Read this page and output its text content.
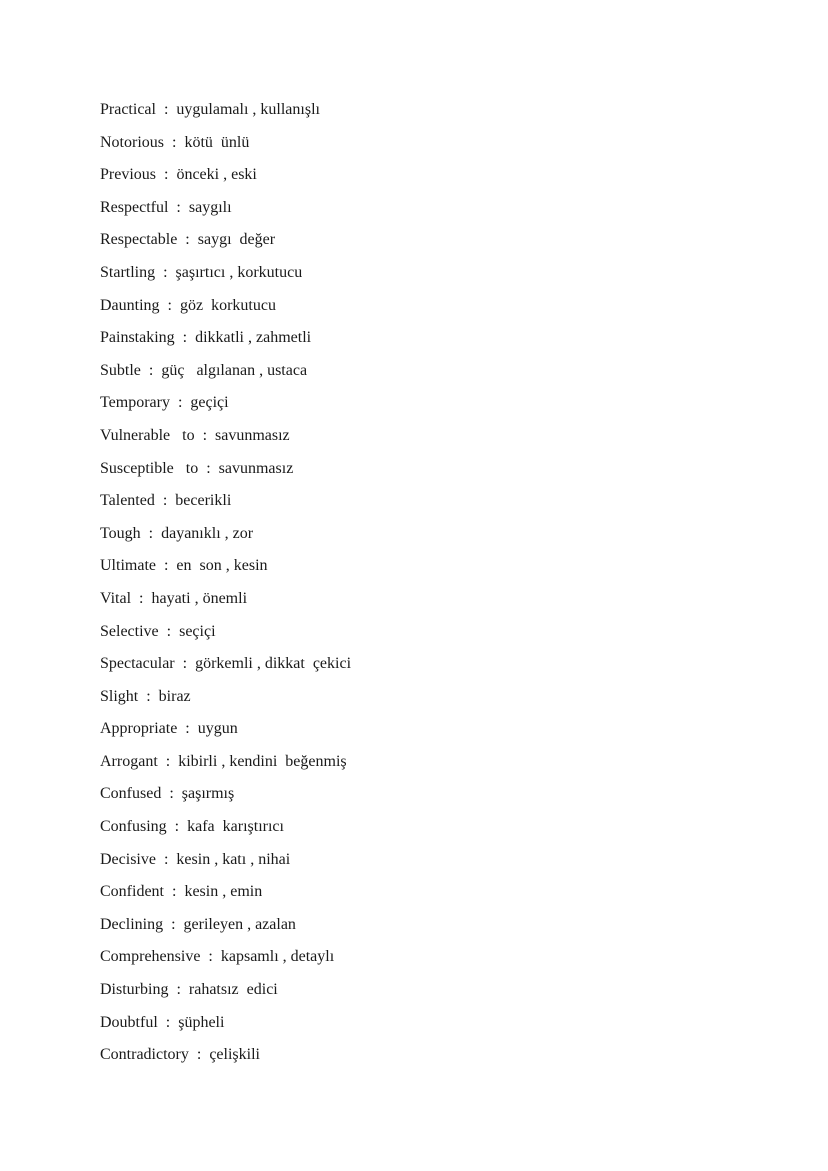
Practical  :  uygulamalı , kullanışlı
Notorious  :  kötü  ünlü
Previous  :  önceki , eski
Respectful  :  saygılı
Respectable  :  saygı  değer
Startling  :  şaşırtıcı , korkutucu
Daunting  :  göz  korkutucu
Painstaking  :  dikkatli , zahmetli
Subtle  :  güç   algılanan , ustaca
Temporary  :  geçiçi
Vulnerable   to  :  savunmasız
Susceptible   to  :  savunmasız
Talented  :  becerikli
Tough  :  dayanıklı , zor
Ultimate  :  en  son , kesin
Vital  :  hayati , önemli
Selective  :  seçiçi
Spectacular  :  görkemli , dikkat  çekici
Slight  :  biraz
Appropriate  :  uygun
Arrogant  :  kibirli , kendini  beğenmiş
Confused  :  şaşırmış
Confusing  :  kafa  karıştırıcı
Decisive  :  kesin , katı , nihai
Confident  :  kesin , emin
Declining  :  gerileyen , azalan
Comprehensive  :  kapsamlı , detaylı
Disturbing  :  rahatsız  edici
Doubtful  :  şüpheli
Contradictory  :  çelişkili
